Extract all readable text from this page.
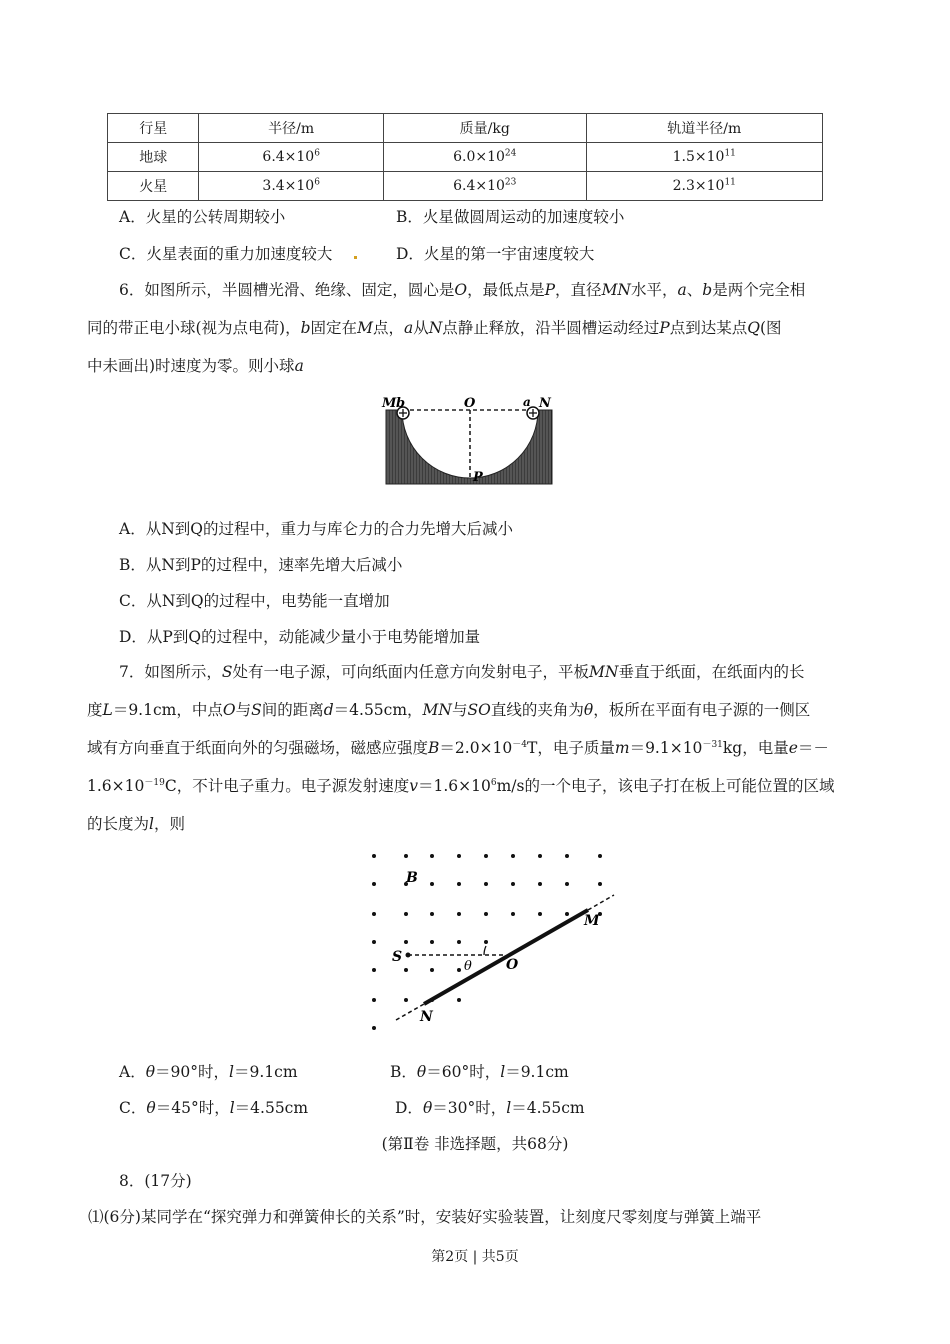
行星	半径/m	质量/kg	轨道半径/m
地球	$6.4\times 10^6$	$6.0\times 10^{24}$	$1.5\times 10^{11}$
火星	$3.4\times 10^6$	$6.4\times 10^{23}$	$2.3\times 10^{11}$
A．火星的公转周期较小	B．火星做圆周运动的加速度较小
C．火星表面的重力加速度较大	D．火星的第一宇宙速度较大
6．如图所示，半圆槽光滑、绝缘、固定，圆心是O，最低点是P，直径MN水平，a、b是两个完全相
同的带正电小球(视为点电荷)，b固定在M点，a从N点静止释放，沿半圆槽运动经过P点到达某点Q(图
中未画出)时速度为零。则小球a
M b	O	a N
P
A．从N到Q的过程中，重力与库仑力的合力先增大后减小
B．从N到P的过程中，速率先增大后减小
C．从N到Q的过程中，电势能一直增加
D．从P到Q的过程中，动能减少量小于电势能增加量
7．如图所示，S处有一电子源，可向纸面内任意方向发射电子，平板MN垂直于纸面，在纸面内的长
度L＝9.1cm，中点O与S间的距离d＝4.55cm，MN与SO直线的夹角为θ，板所在平面有电子源的一侧区
域有方向垂直于纸面向外的匀强磁场，磁感应强度$B=2.0\times 10^{-4}T$，电子质量$m=9.1\times 10^{-31}kg$，电量e＝－
$1.6\times 10^{-19}C$，不计电子重力。电子源发射速度$v=1.6\times 10^6m/s$的一个电子，该电子打在板上可能位置的区域
的长度为l，则
B
M
S
θ O
N
A．θ＝90°时，l＝9.1cm	B．θ＝60°时，l＝9.1cm
C．θ＝45°时，l＝4.55cm	D．θ＝30°时，l＝4.55cm
(第Ⅱ卷 非选择题，共68分)
8．(17分)
⑴(6分)某同学在“探究弹力和弹簧伸长的关系”时，安装好实验装置，让刻度尺零刻度与弹簧上端平
第2页 | 共5页
